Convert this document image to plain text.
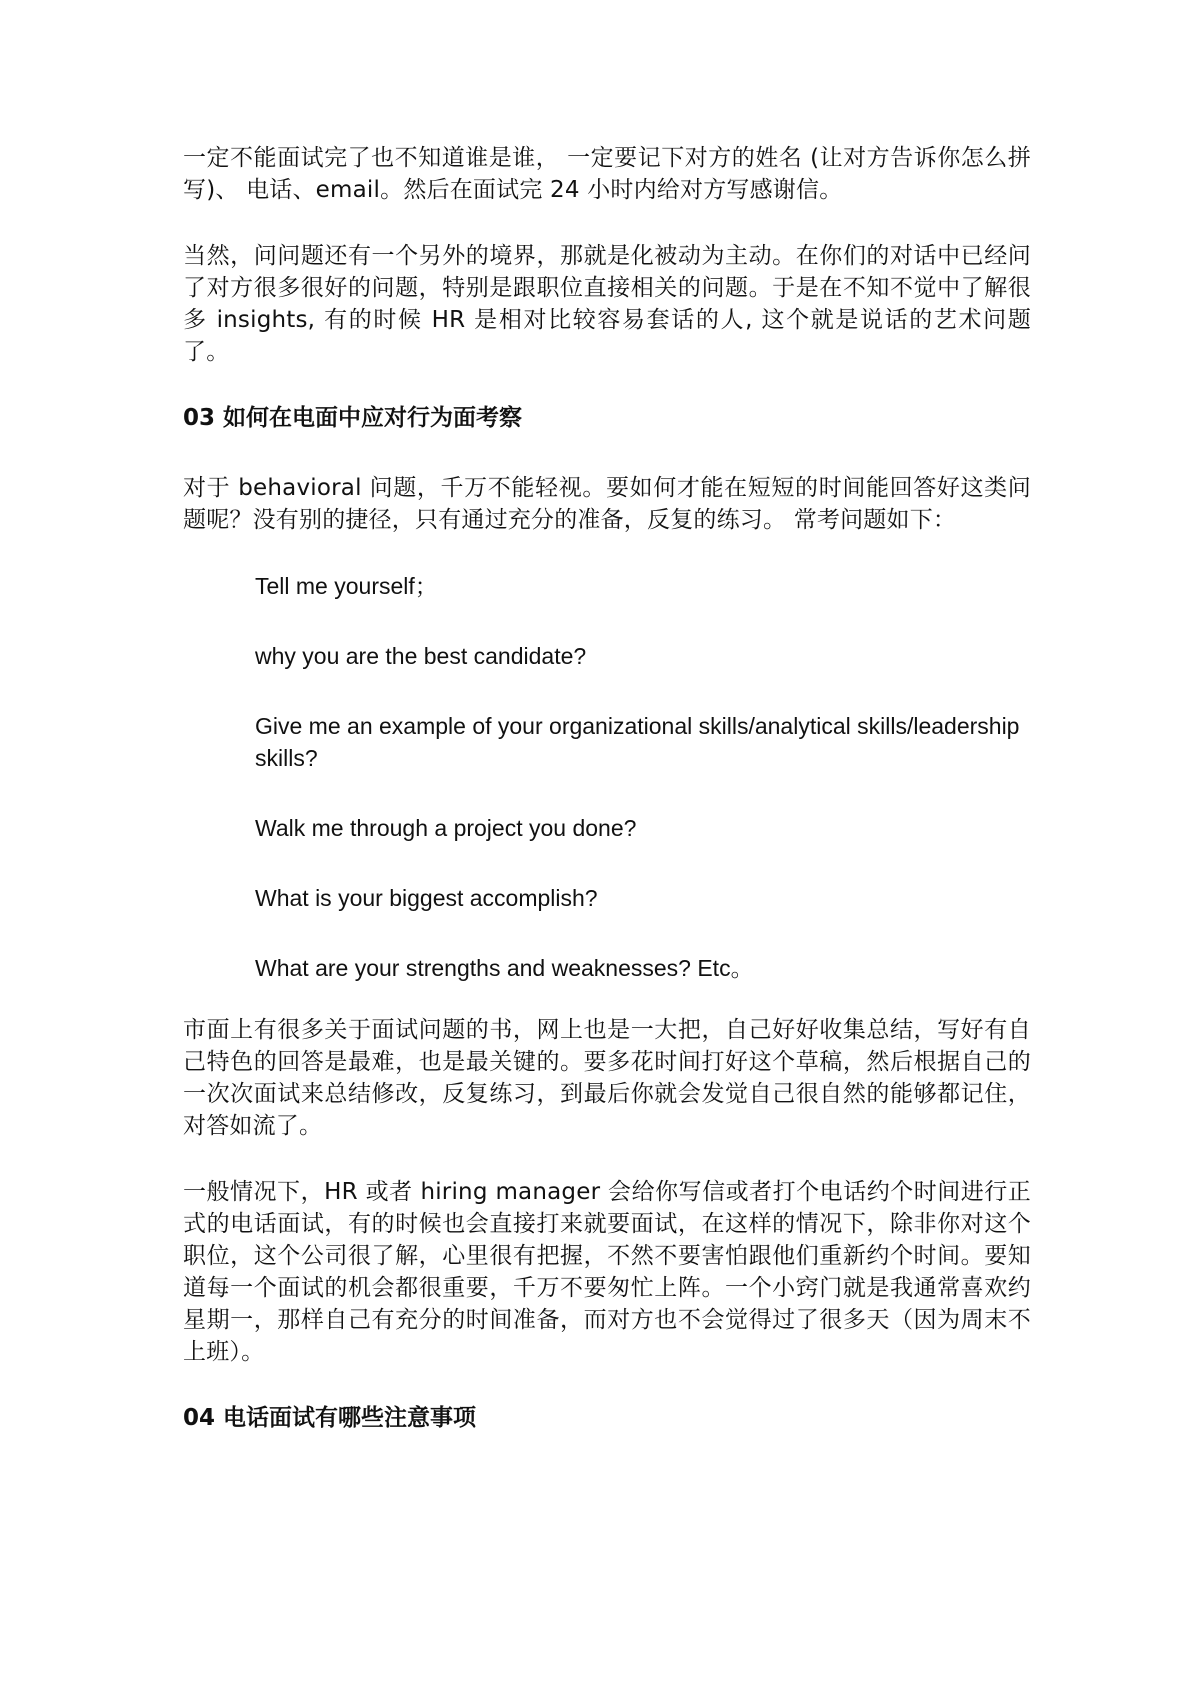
一定不能面试完了也不知道谁是谁， 一定要记下对方的姓名 (让对方告诉你怎么拼写)、 电话、email。然后在面试完 24 小时内给对方写感谢信。

当然，问问题还有一个另外的境界，那就是化被动为主动。在你们的对话中已经问了对方很多很好的问题，特别是跟职位直接相关的问题。于是在不知不觉中了解很多 insights, 有的时候 HR 是相对比较容易套话的人, 这个就是说话的艺术问题了。

03 如何在电面中应对行为面考察

对于 behavioral 问题，千万不能轻视。要如何才能在短短的时间能回答好这类问题呢？没有别的捷径，只有通过充分的准备，反复的练习。 常考问题如下：

Tell me yourself；
why you are the best candidate?
Give me an example of your organizational skills/analytical skills/leadership skills?
Walk me through a project you done?
What is your biggest accomplish?
What are your strengths and weaknesses? Etc。

市面上有很多关于面试问题的书，网上也是一大把，自己好好收集总结，写好有自己特色的回答是最难，也是最关键的。要多花时间打好这个草稿，然后根据自己的一次次面试来总结修改，反复练习，到最后你就会发觉自己很自然的能够都记住，对答如流了。

一般情况下，HR 或者 hiring manager 会给你写信或者打个电话约个时间进行正式的电话面试，有的时候也会直接打来就要面试，在这样的情况下，除非你对这个职位，这个公司很了解，心里很有把握，不然不要害怕跟他们重新约个时间。要知道每一个面试的机会都很重要，千万不要匆忙上阵。一个小窍门就是我通常喜欢约星期一，那样自己有充分的时间准备，而对方也不会觉得过了很多天（因为周末不上班）。

04 电话面试有哪些注意事项
